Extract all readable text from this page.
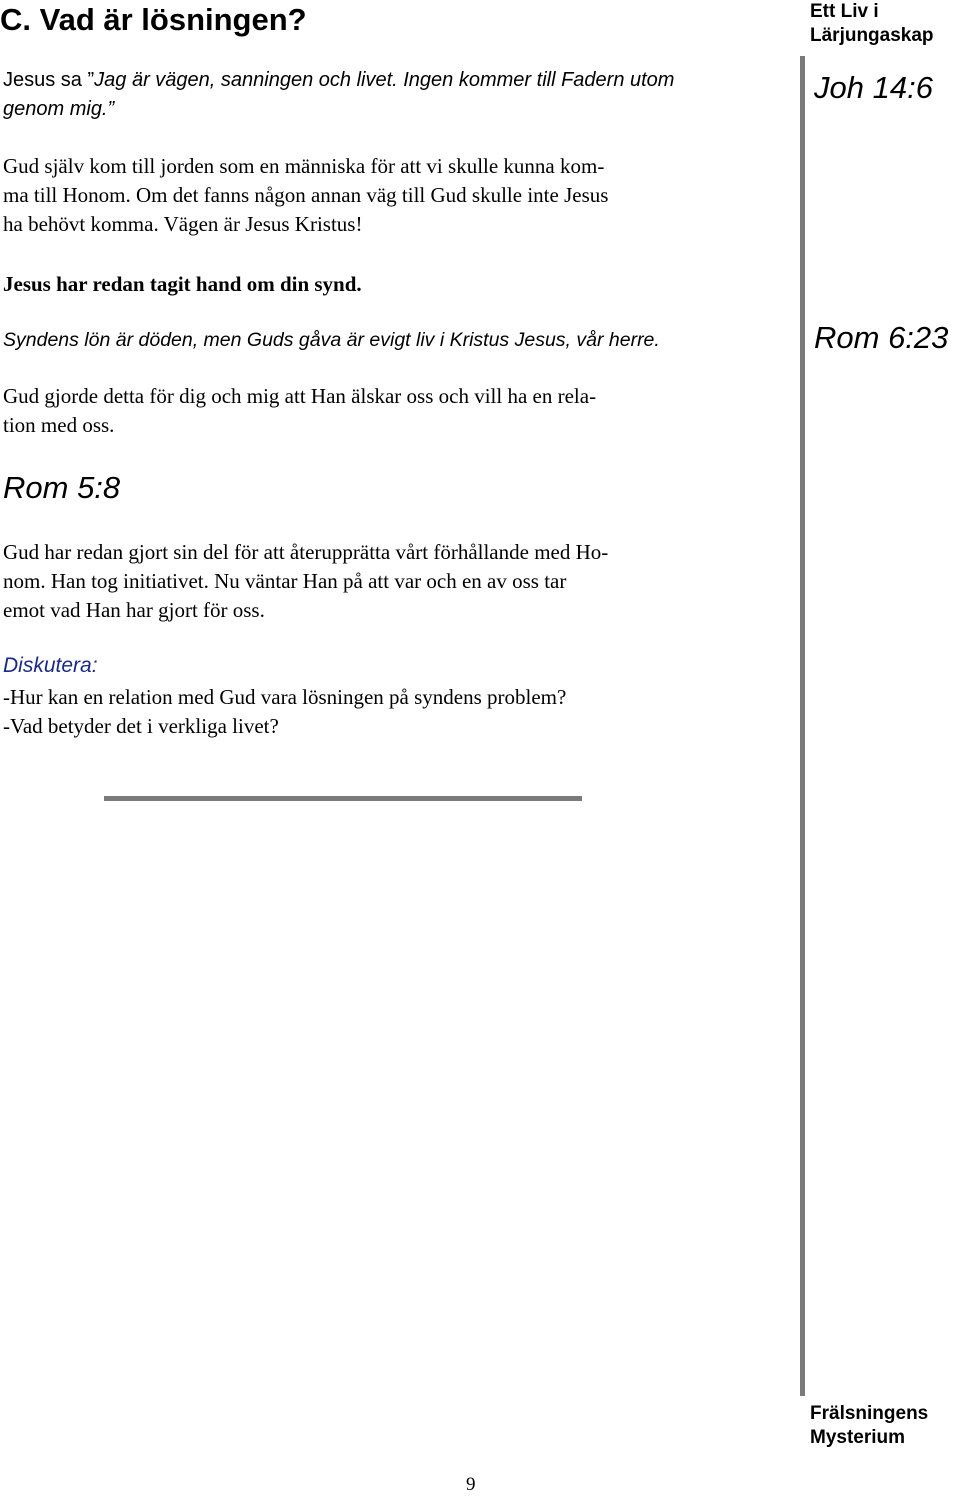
C. Vad är lösningen?	Ett Liv i
Lärjungaskap
Joh 14:6
Jesus sa ”Jag är vägen, sanningen och livet. Ingen kommer till Fadern utom
genom mig.”
Gud själv kom till jorden som en människa för att vi skulle kunna kom-
ma till Honom. Om det fanns någon annan väg till Gud skulle inte Jesus
ha behövt komma. Vägen är Jesus Kristus!
Jesus har redan tagit hand om din synd.
Syndens lön är döden, men Guds gåva är evigt liv i Kristus Jesus, vår herre.	Rom 6:23
Gud gjorde detta för dig och mig att Han älskar oss och vill ha en rela-
tion med oss.
Rom 5:8
Gud har redan gjort sin del för att återupprätta vårt förhållande med Ho-
nom. Han tog initiativet. Nu väntar Han på att var och en av oss tar
emot vad Han har gjort för oss.
Diskutera:
-Hur kan en relation med Gud vara lösningen på syndens problem?
-Vad betyder det i verkliga livet?
Frälsningens
Mysterium
9
